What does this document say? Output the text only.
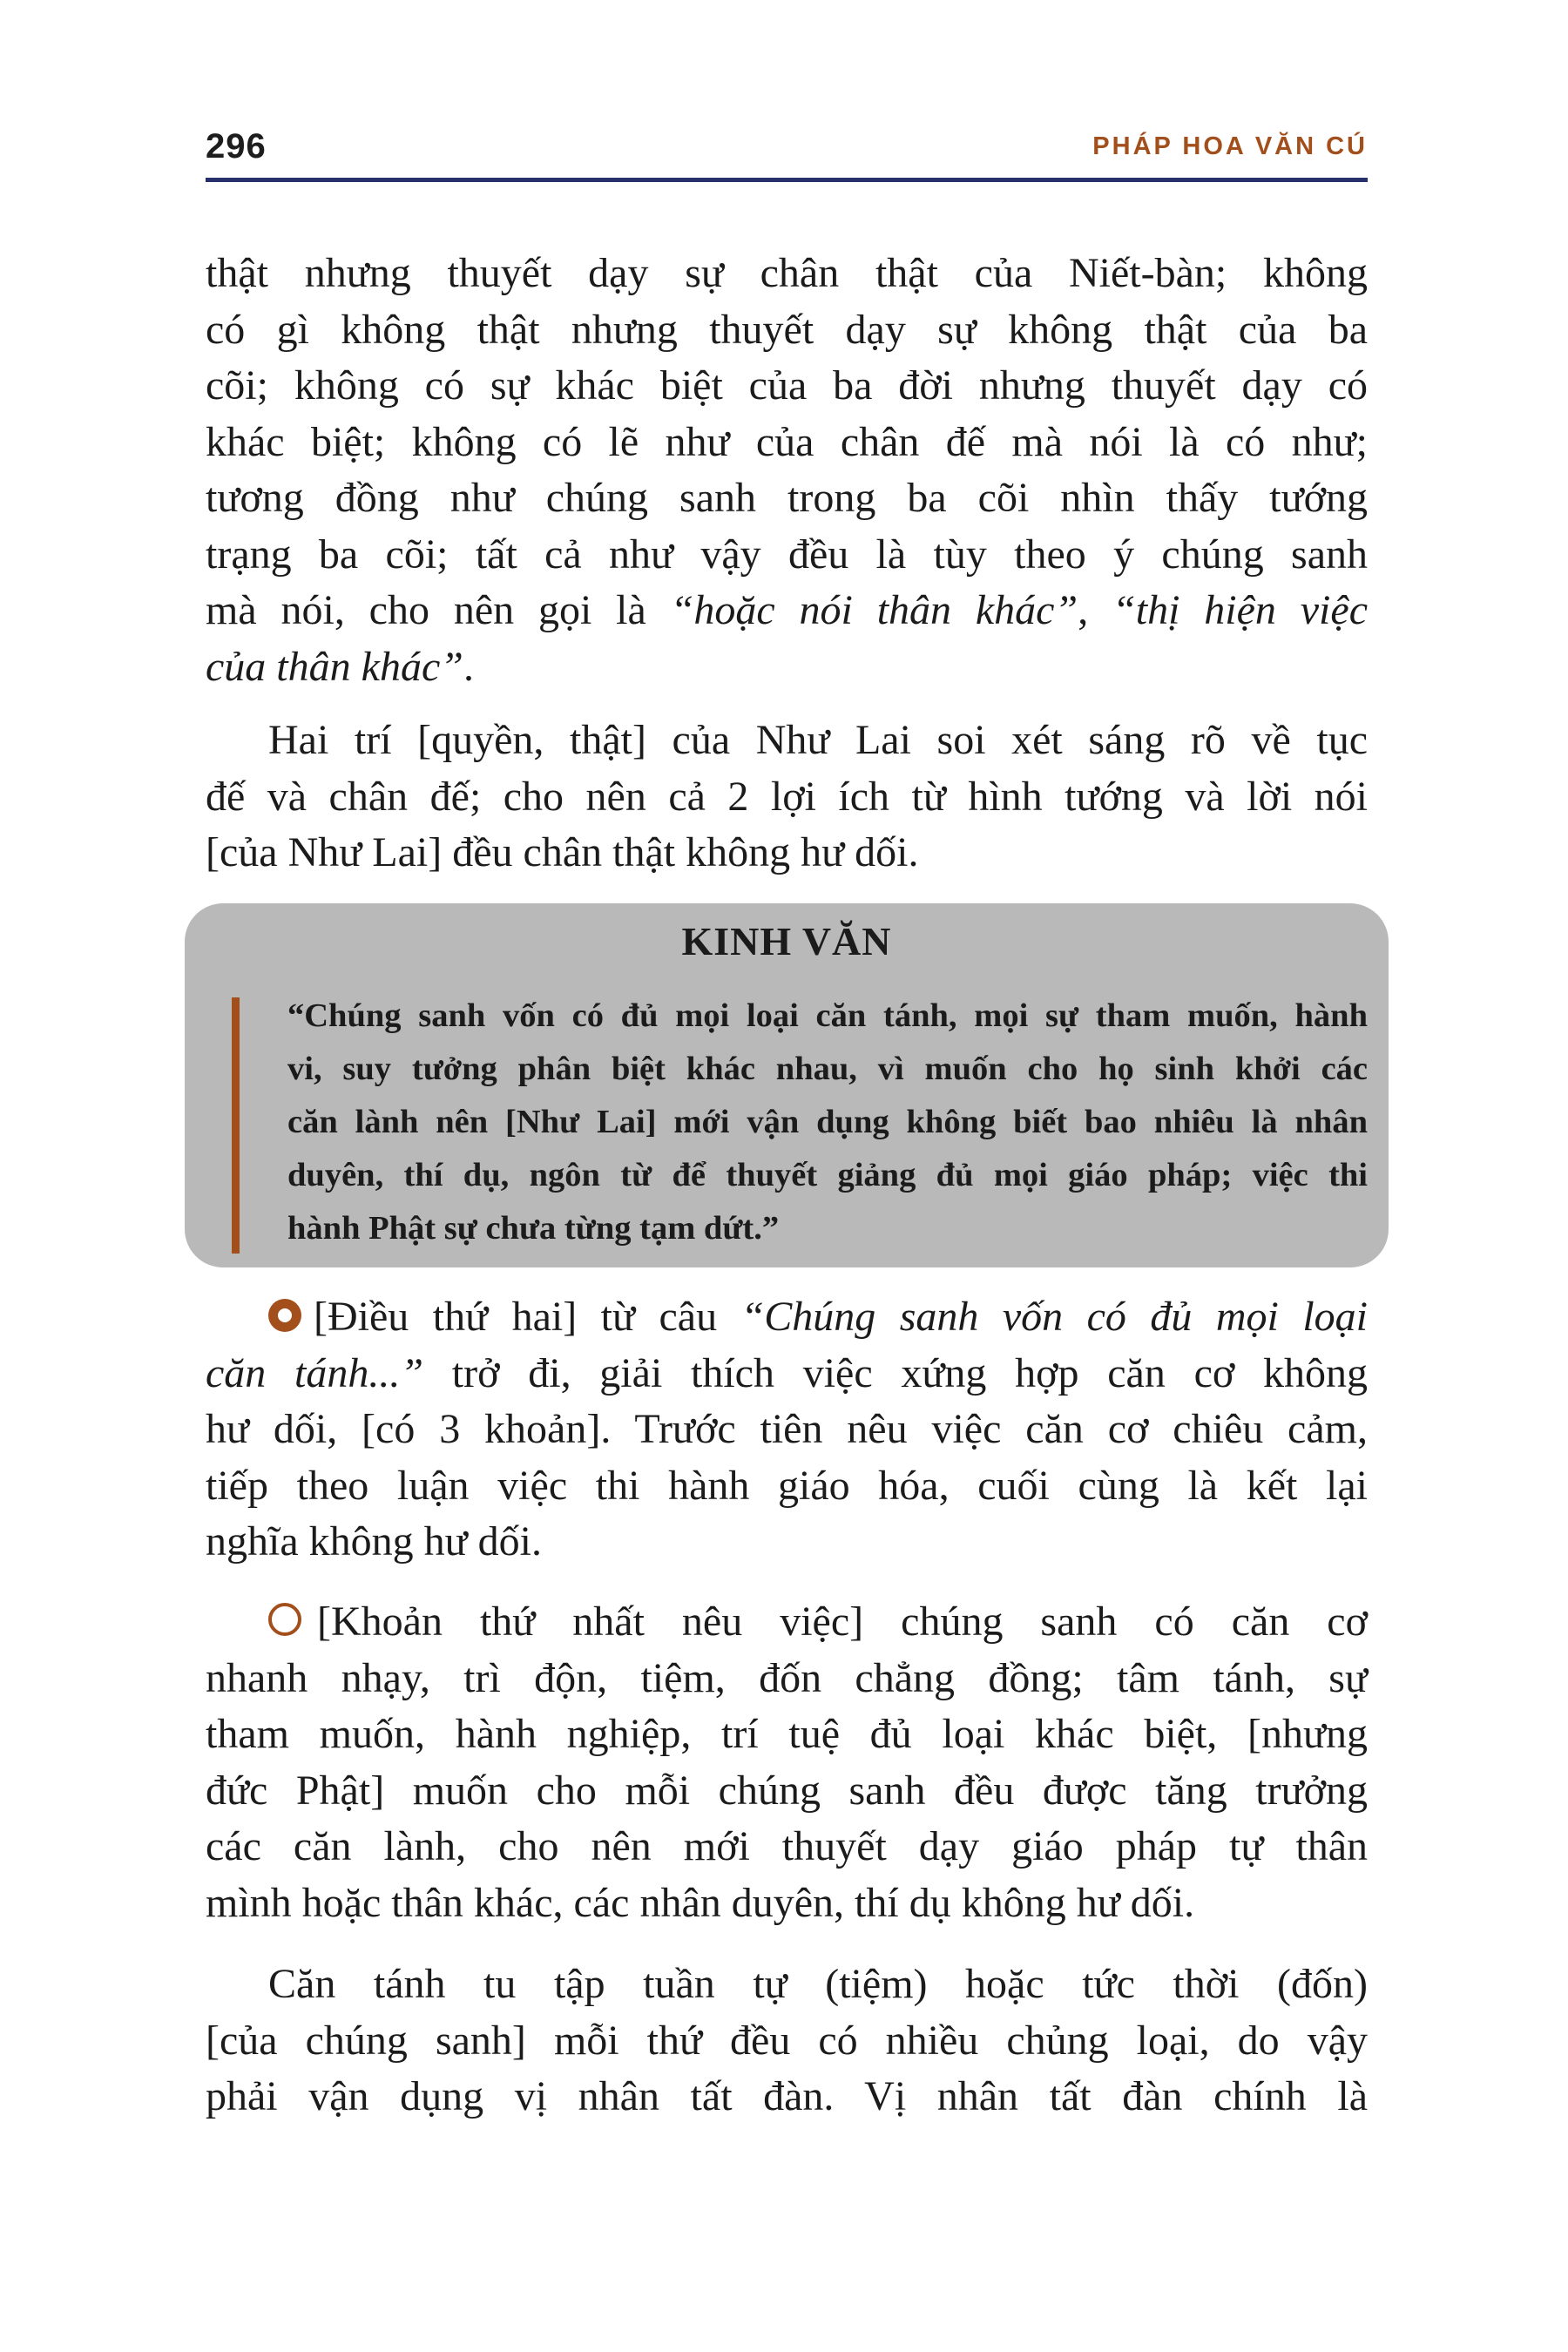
296	PHÁP HOA VĂN CÚ
thật nhưng thuyết dạy sự chân thật của Niết-bàn; không
có gì không thật nhưng thuyết dạy sự không thật của ba
cõi; không có sự khác biệt của ba đời nhưng thuyết dạy có
khác biệt; không có lẽ như của chân đế mà nói là có như;
tương đồng như chúng sanh trong ba cõi nhìn thấy tướng
trạng ba cõi; tất cả như vậy đều là tùy theo ý chúng sanh
mà nói, cho nên gọi là “hoặc nói thân khác”, “thị hiện việc
của thân khác”.
Hai trí [quyền, thật] của Như Lai soi xét sáng rõ về tục
đế và chân đế; cho nên cả 2 lợi ích từ hình tướng và lời nói
[của Như Lai] đều chân thật không hư dối.
KINH VĂN
“Chúng sanh vốn có đủ mọi loại căn tánh, mọi sự tham muốn, hành
vi, suy tưởng phân biệt khác nhau, vì muốn cho họ sinh khởi các
căn lành nên [Như Lai] mới vận dụng không biết bao nhiêu là nhân
duyên, thí dụ, ngôn từ để thuyết giảng đủ mọi giáo pháp; việc thi
hành Phật sự chưa từng tạm dứt.”
[Điều thứ hai] từ câu “Chúng sanh vốn có đủ mọi loại
căn tánh...” trở đi, giải thích việc xứng hợp căn cơ không
hư dối, [có 3 khoản]. Trước tiên nêu việc căn cơ chiêu cảm,
tiếp theo luận việc thi hành giáo hóa, cuối cùng là kết lại
nghĩa không hư dối.
[Khoản thứ nhất nêu việc] chúng sanh có căn cơ
nhanh nhạy, trì độn, tiệm, đốn chẳng đồng; tâm tánh, sự
tham muốn, hành nghiệp, trí tuệ đủ loại khác biệt, [nhưng
đức Phật] muốn cho mỗi chúng sanh đều được tăng trưởng
các căn lành, cho nên mới thuyết dạy giáo pháp tự thân
mình hoặc thân khác, các nhân duyên, thí dụ không hư dối.
Căn tánh tu tập tuần tự (tiệm) hoặc tức thời (đốn)
[của chúng sanh] mỗi thứ đều có nhiều chủng loại, do vậy
phải vận dụng vị nhân tất đàn. Vị nhân tất đàn chính là
